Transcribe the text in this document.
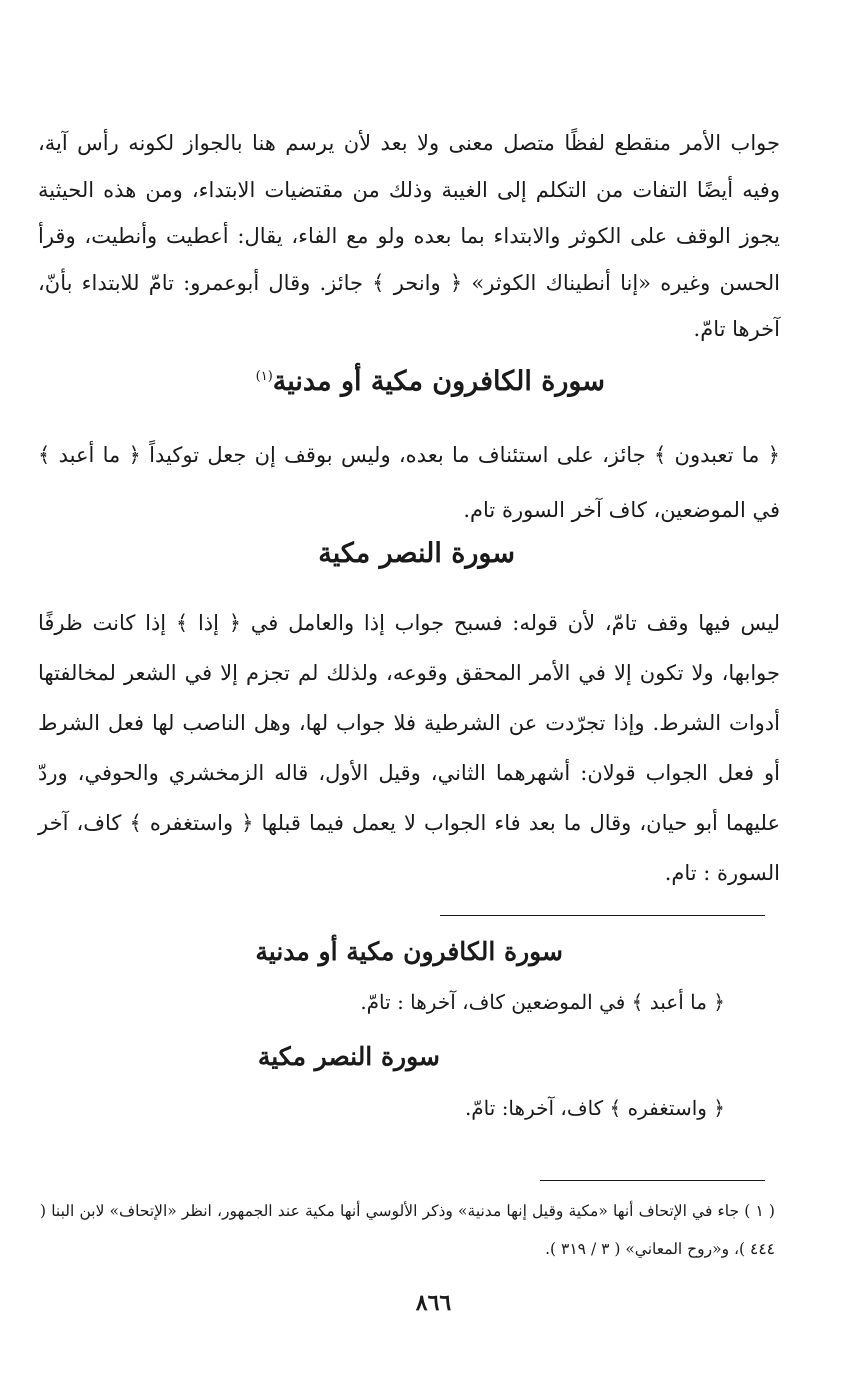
جواب الأمر منقطع لفظًا متصل معنى ولا بعد لأن يرسم هنا بالجواز لكونه رأس آية، وفيه أيضًا التفات من التكلم إلى الغيبة وذلك من مقتضيات الابتداء، ومن هذه الحيثية يجوز الوقف على الكوثر والابتداء بما بعده ولو مع الفاء، يقال: أعطيت وأنطيت، وقرأ الحسن وغيره «إنا أنطيناك الكوثر» ﴿ وانحر ﴾ جائز. وقال أبوعمرو: تامّ للابتداء بأنّ، آخرها تامّ.
سورة الكافرون مكية أو مدنية$^{(١)}$
﴿ ما تعبدون ﴾ جائز، على استئناف ما بعده، وليس بوقف إن جعل توكيداً ﴿ ما أعبد ﴾ في الموضعين، كاف آخر السورة تام.
سورة النصر مكية
ليس فيها وقف تامّ، لأن قوله: فسبح جواب إذا والعامل في ﴿ إذا ﴾ إذا كانت ظرفًا جوابها، ولا تكون إلا في الأمر المحقق وقوعه، ولذلك لم تجزم إلا في الشعر لمخالفتها أدوات الشرط. وإذا تجرّدت عن الشرطية فلا جواب لها، وهل الناصب لها فعل الشرط أو فعل الجواب قولان: أشهرهما الثاني، وقيل الأول، قاله الزمخشري والحوفي، وردّ عليهما أبو حيان، وقال ما بعد فاء الجواب لا يعمل فيما قبلها ﴿ واستغفره ﴾ كاف، آخر السورة : تام.
سورة الكافرون مكية أو مدنية
﴿ ما أعبد ﴾ في الموضعين كاف، آخرها : تامّ.
سورة النصر مكية
﴿ واستغفره ﴾ كاف، آخرها: تامّ.
( ١ ) جاء في الإتحاف أنها «مكية وقيل إنها مدنية» وذكر الألوسي أنها مكية عند الجمهور، انظر «الإتحاف» لابن البنا ( ٤٤٤ )، و«روح المعاني» ( ٣ / ٣١٩ ).
٨٦٦
